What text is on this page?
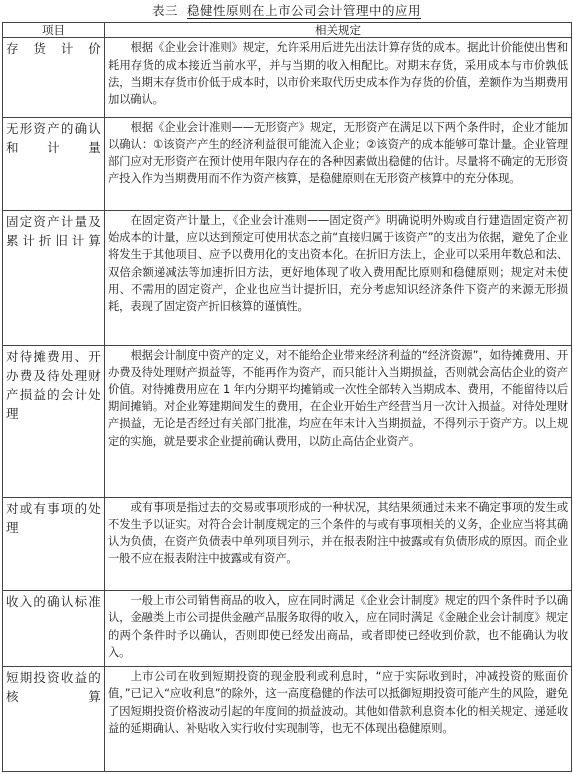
表三 稳健性原则在上市公司会计管理中的应用
项目	相关规定
存货计价	根据《企业会计准则》规定，允许采用后进先出法计算存货的成本。据此计价能使出售和耗用存货的成本接近当前水平，并与当期的收入相配比。对期末存货，采用成本与市价孰低法，当期末存货市价低于成本时，以市价来取代历史成本作为存货的价值，差额作为当期费用加以确认。
无形资产的确认和计量	根据《企业会计准则——无形资产》规定，无形资产在满足以下两个条件时，企业才能加以确认：①该资产产生的经济利益很可能流入企业；②该资产的成本能够可靠计量。企业管理部门应对无形资产在预计使用年限内存在的各种因素做出稳健的估计。尽量将不确定的无形资产投入作为当期费用而不作为资产核算，是稳健原则在无形资产核算中的充分体现。
固定资产计量及累计折旧计算	在固定资产计量上，《企业会计准则——固定资产》明确说明外购或自行建造固定资产初始成本的计量，应以达到预定可使用状态之前“直接归属于该资产”的支出为依据，避免了企业将发生于其他项目、应予以费用化的支出资本化。在折旧方法上，企业可以采用年数总和法、双倍余额递减法等加速折旧方法，更好地体现了收入费用配比原则和稳健原则；规定对未使用、不需用的固定资产，企业也应当计提折旧，充分考虑知识经济条件下资产的来源无形损耗，表现了固定资产折旧核算的谨慎性。
对待摊费用、开办费及待处理财产损益的会计处理	根据会计制度中资产的定义，对不能给企业带来经济利益的“经济资源”，如待摊费用、开办费及待处理财产损益等，不能再作为资产，而只能计入当期损益，否则就会高估企业的资产价值。对待摊费用应在 1 年内分期平均摊销或一次性全部转入当期成本、费用，不能留待以后期间摊销。对企业筹建期间发生的费用，在企业开始生产经营当月一次计入损益。对待处理财产损益，无论是否经过有关部门批准，均应在年末计入当期损益，不得列示于资产方。以上规定的实施，就是要求企业提前确认费用，以防止高估企业资产。
对或有事项的处理	或有事项是指过去的交易或事项形成的一种状况，其结果须通过未来不确定事项的发生或不发生予以证实。对符合会计制度规定的三个条件的与或有事项相关的义务，企业应当将其确认为负债，在资产负债表中单列项目列示，并在报表附注中披露或有负债形成的原因。而企业一般不应在报表附注中披露或有资产。
收入的确认标准	一般上市公司销售商品的收入，应在同时满足《企业会计制度》规定的四个条件时予以确认，金融类上市公司提供金融产品服务取得的收入，应在同时满足《金融企业会计制度》规定的两个条件时予以确认，否则即使已经发出商品，或者即使已经收到价款，也不能确认为收入。
短期投资收益的核算	上市公司在收到短期投资的现金股利或利息时，“应于实际收到时，冲减投资的账面价值，”已记入“应收利息”的除外，这一高度稳健的作法可以抵御短期投资可能产生的风险，避免了因短期投资价格波动引起的年度间的损益波动。其他如借款利息资本化的相关规定、递延收益的延期确认、补贴收入实行收付实现制等，也无不体现出稳健原则。
